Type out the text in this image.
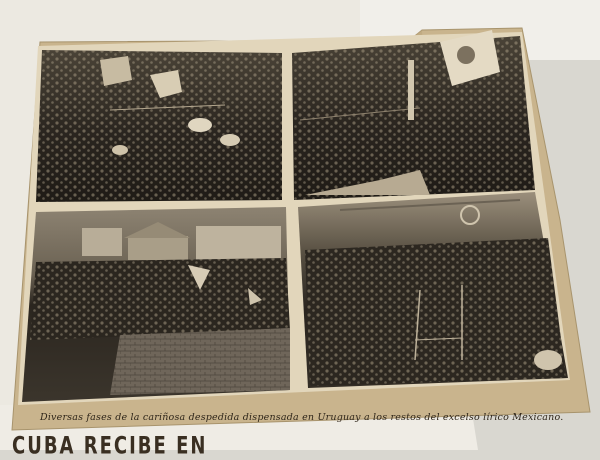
Diversas fases de la cariñosa despedida dispensada en Uruguay a los restos del excelso lírico Mexicano.
CUBA RECIBE EN
